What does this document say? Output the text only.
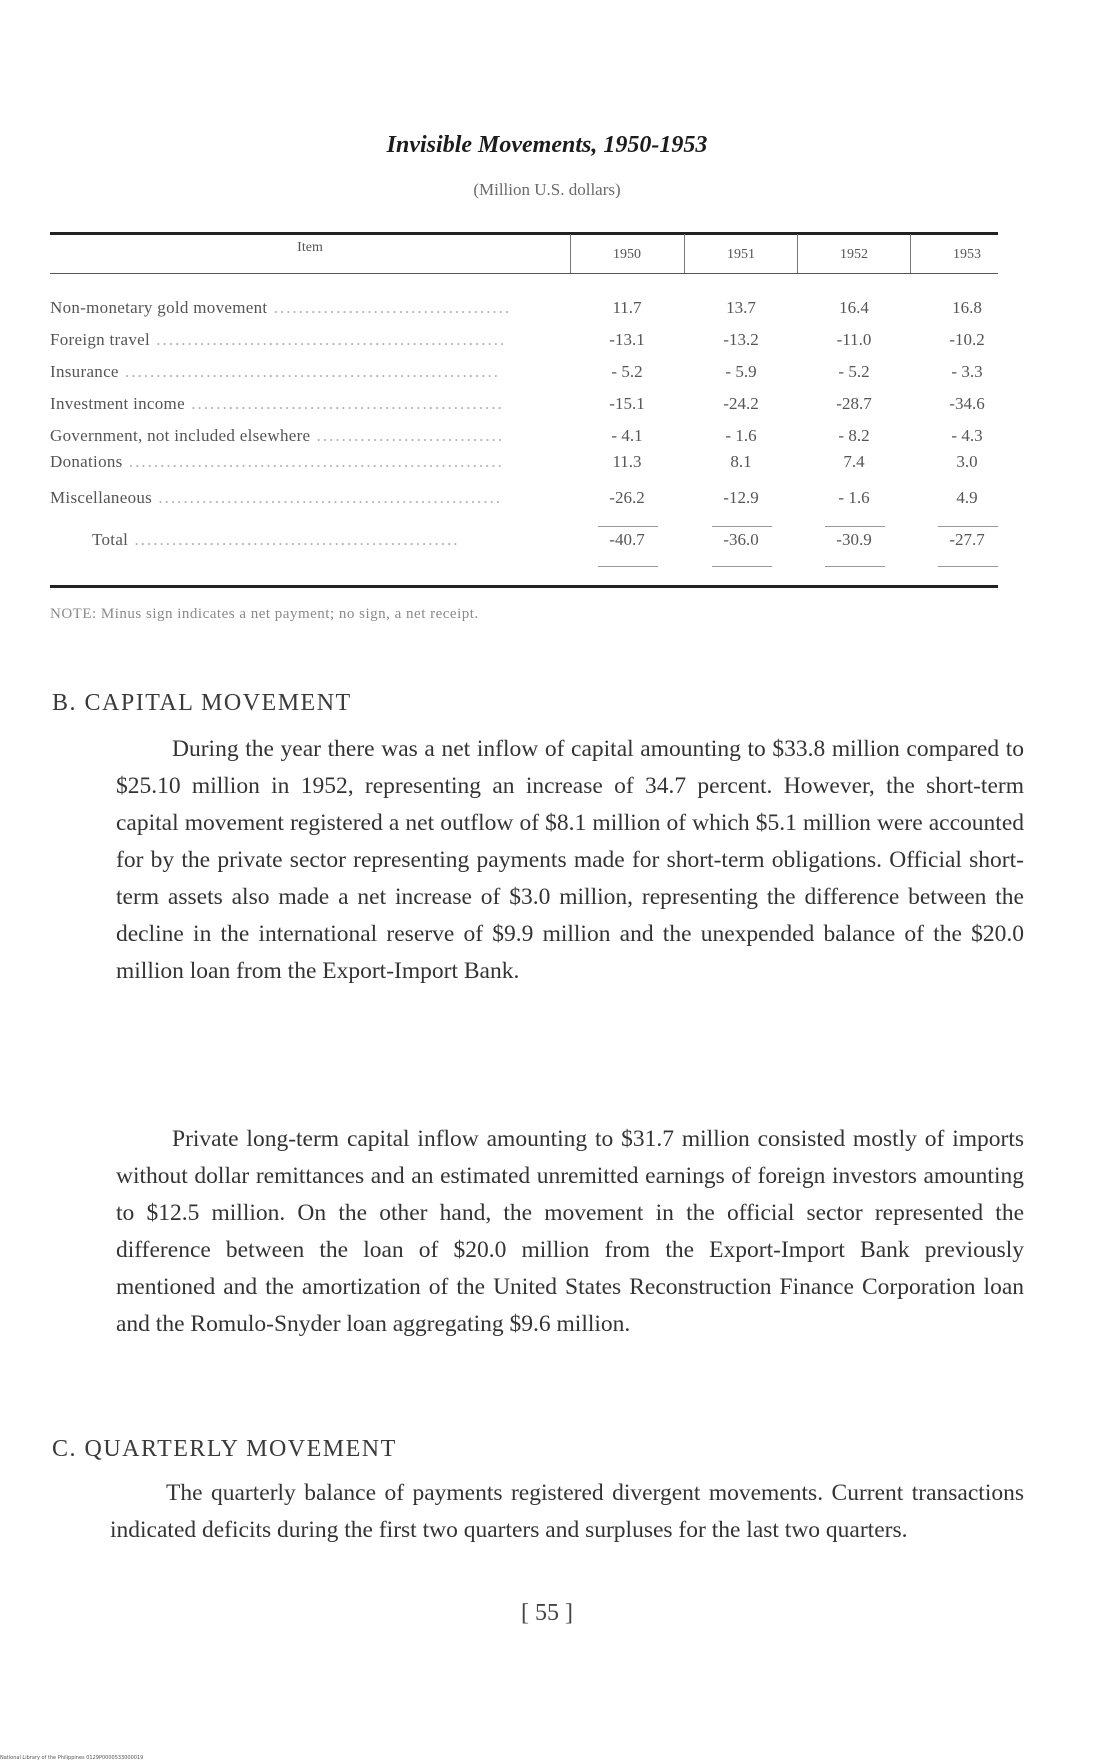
Invisible Movements, 1950-1953
(Million U.S. dollars)
Item	1950	1951	1952	1953
Non-monetary gold movement ......................................	11.7	13.7	16.4	16.8
Foreign travel ........................................................	-13.1	-13.2	-11.0	-10.2
Insurance ............................................................	- 5.2	- 5.9	- 5.2	- 3.3
Investment income ..................................................	-15.1	-24.2	-28.7	-34.6
Government, not included elsewhere ..............................	- 4.1	- 1.6	- 8.2	- 4.3
Donations ............................................................	11.3	8.1	7.4	3.0
Miscellaneous .......................................................	-26.2	-12.9	- 1.6	4.9
Total ....................................................	-40.7	-36.0	-30.9	-27.7
NOTE: Minus sign indicates a net payment; no sign, a net receipt.
B. CAPITAL MOVEMENT

During the year there was a net inflow of capital amounting to $33.8 million compared to $25.10 million in 1952, representing an increase of 34.7 percent. However, the short-term capital movement registered a net outflow of $8.1 million of which $5.1 million were accounted for by the private sector representing payments made for short-term obligations. Official short-term assets also made a net increase of $3.0 million, representing the difference between the decline in the international reserve of $9.9 million and the unexpended balance of the $20.0 million loan from the Export-Import Bank.

Private long-term capital inflow amounting to $31.7 million consisted mostly of imports without dollar remittances and an estimated unremitted earnings of foreign investors amounting to $12.5 million. On the other hand, the movement in the official sector represented the difference between the loan of $20.0 million from the Export-Import Bank previously mentioned and the amortization of the United States Reconstruction Finance Corporation loan and the Romulo-Snyder loan aggregating $9.6 million.

C. QUARTERLY MOVEMENT

The quarterly balance of payments registered divergent movements. Current transactions indicated deficits during the first two quarters and surpluses for the last two quarters.

[ 55 ]
National Library of the Philippines 0129P0000533000019
